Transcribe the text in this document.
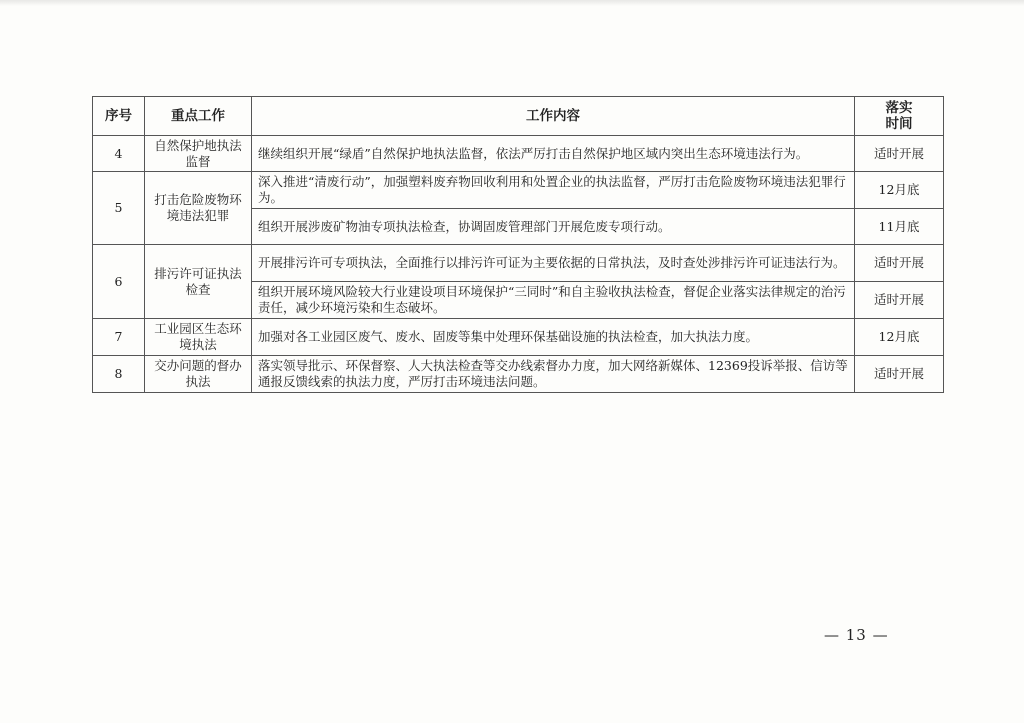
序号	重点工作	工作内容	落实
时间
4	自然保护地执法监督	继续组织开展“绿盾”自然保护地执法监督，依法严厉打击自然保护地区域内突出生态环境违法行为。	适时开展
5	打击危险废物环境违法犯罪	深入推进“清废行动”，加强塑料废弃物回收利用和处置企业的执法监督，严厉打击危险废物环境违法犯罪行为。	12月底
		组织开展涉废矿物油专项执法检查，协调固废管理部门开展危废专项行动。	11月底
6	排污许可证执法检查	开展排污许可专项执法，全面推行以排污许可证为主要依据的日常执法，及时查处涉排污许可证违法行为。	适时开展
		组织开展环境风险较大行业建设项目环境保护“三同时”和自主验收执法检查，督促企业落实法律规定的治污责任，减少环境污染和生态破坏。	适时开展
7	工业园区生态环境执法	加强对各工业园区废气、废水、固废等集中处理环保基础设施的执法检查，加大执法力度。	12月底
8	交办问题的督办执法	落实领导批示、环保督察、人大执法检查等交办线索督办力度，加大网络新媒体、12369投诉举报、信访等通报反馈线索的执法力度，严厉打击环境违法问题。	适时开展
— 13 —
